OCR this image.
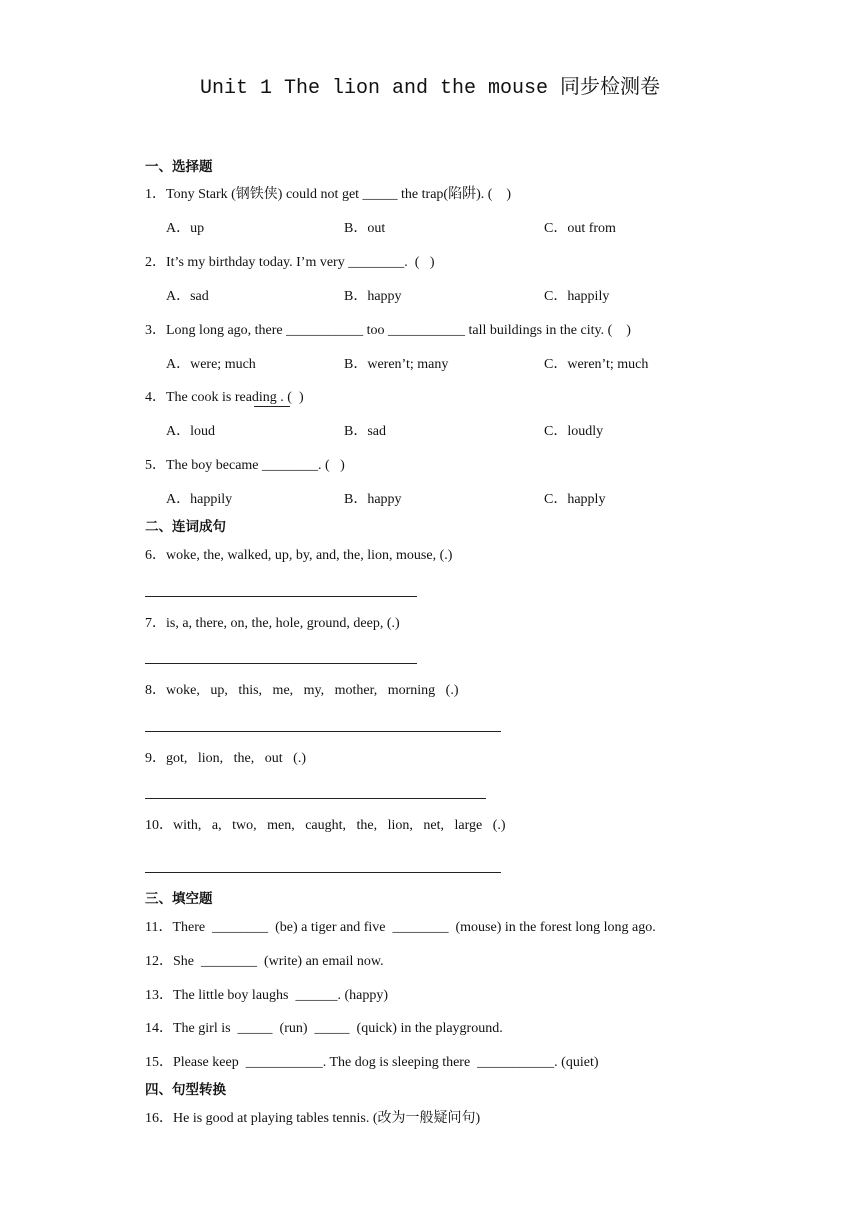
Unit 1 The lion and the mouse 同步检测卷
一、选择题
1．Tony Stark (钢铁侠) could not get _____ the trap(陷阱). (    )
A．up	B．out	C．out from
2．It’s my birthday today. I’m very ________.  (   )
A．sad	B．happy	C．happily
3．Long long ago, there ___________ too ___________ tall buildings in the city. (    )
A．were; much	B．weren’t; many	C．weren’t; much
4．The cook is reading . (  )
A．loud	B．sad	C．loudly
5．The boy became ________. (   )
A．happily	B．happy	C．happly
二、连词成句
6．woke, the, walked, up, by, and, the, lion, mouse, (.)
7．is, a, there, on, the, hole, ground, deep, (.)
8．woke,   up,   this,   me,   my,   mother,   morning   (.)
9．got,   lion,   the,   out   (.)
10．with,   a,   two,   men,   caught,   the,   lion,   net,   large   (.)
三、填空题
11．There  ________  (be) a tiger and five  ________  (mouse) in the forest long long ago.
12．She  ________  (write) an email now.
13．The little boy laughs  ______. (happy)
14．The girl is  _____  (run)  _____  (quick) in the playground.
15．Please keep  ___________. The dog is sleeping there  ___________. (quiet)
四、句型转换
16．He is good at playing tables tennis. (改为一般疑问句)
